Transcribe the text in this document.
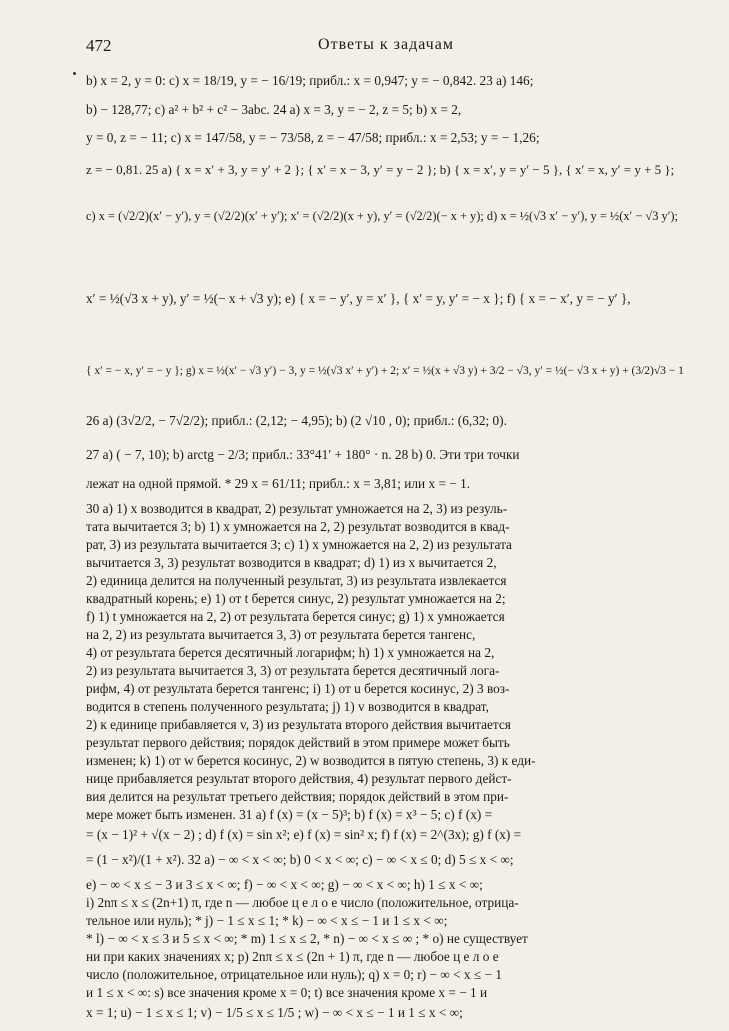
472	Ответы к задачам
b) x = 2, y = 0: c) x = 18/19, y = − 16/19; прибл.: x = 0,947; y = − 0,842. 23 a) 146;
b) − 128,77; c) a² + b² + c² − 3abc. 24 a) x = 3, y = − 2, z = 5; b) x = 2,
y = 0, z = − 11; c) x = 147/58, y = − 73/58, z = − 47/58; прибл.: x = 2,53; y = − 1,26;
z = − 0,81. 25 a) { x = x′ + 3, y = y′ + 2 }; { x′ = x − 3, y′ = y − 2 }; b) { x = x′, y = y′ − 5 }, { x′ = x, y′ = y + 5 };
c) x = (√2/2)(x′ − y′), y = (√2/2)(x′ + y′); x′ = (√2/2)(x + y), y′ = (√2/2)(− x + y); d) x = ½(√3 x′ − y′), y = ½(x′ − √3 y′);
x′ = ½(√3 x + y), y′ = ½(− x + √3 y); e) { x = − y′, y = x′ }, { x′ = y, y′ = − x }; f) { x = − x′, y = − y′ },
{ x′ = − x, y′ = − y }; g) x = ½(x′ − √3 y′) − 3, y = ½(√3 x′ + y′) + 2; x′ = ½(x + √3 y) + 3/2 − √3, y′ = ½(− √3 x + y) + (3/2)√3 − 1
26 a) (3√2/2, − 7√2/2); прибл.: (2,12; − 4,95); b) (2 √10 , 0); прибл.: (6,32; 0).
27 a) ( − 7, 10); b) arctg − 2/3; прибл.: 33°41′ + 180° · n. 28 b) 0. Эти три точки
лежат на одной прямой. * 29 x = 61/11; прибл.: x = 3,81; или x = − 1.
30 a) 1) x возводится в квадрат, 2) результат умножается на 2, 3) из резуль-
тата вычитается 3; b) 1) x умножается на 2, 2) результат возводится в квад-
рат, 3) из результата вычитается 3; c) 1) x умножается на 2, 2) из результата
вычитается 3, 3) результат возводится в квадрат; d) 1) из x вычитается 2,
2) единица делится на полученный результат, 3) из результата извлекается
квадратный корень; e) 1) от t берется синус, 2) результат умножается на 2;
f) 1) t умножается на 2, 2) от результата берется синус; g) 1) x умножается
на 2, 2) из результата вычитается 3, 3) от результата берется тангенс,
4) от результата берется десятичный логарифм; h) 1) x умножается на 2,
2) из результата вычитается 3, 3) от результата берется десятичный лога-
рифм, 4) от результата берется тангенс; i) 1) от u берется косинус, 2) 3 воз-
водится в степень полученного результата; j) 1) v возводится в квадрат,
2) к единице прибавляется v, 3) из результата второго действия вычитается
результат первого действия; порядок действий в этом примере может быть
изменен; k) 1) от w берется косинус, 2) w возводится в пятую степень, 3) к еди-
нице прибавляется результат второго действия, 4) результат первого дейст-
вия делится на результат третьего действия; порядок действий в этом при-
мере может быть изменен. 31 a) f (x) = (x − 5)³; b) f (x) = x³ − 5; c) f (x) =
= (x − 1)² + √(x − 2) ; d) f (x) = sin x²; e) f (x) = sin² x; f) f (x) = 2^(3x); g) f (x) =
= (1 − x²)/(1 + x²). 32 a) − ∞ < x < ∞; b) 0 < x < ∞; c) − ∞ < x ≤ 0; d) 5 ≤ x < ∞;
e) − ∞ < x ≤ − 3 и 3 ≤ x < ∞; f) − ∞ < x < ∞; g) − ∞ < x < ∞; h) 1 ≤ x < ∞;
i) 2nπ ≤ x ≤ (2n+1) π, где n — любое ц е л о е число (положительное, отрица-
тельное или нуль); * j) − 1 ≤ x ≤ 1; * k) − ∞ < x ≤ − 1 и 1 ≤ x < ∞;
* l) − ∞ < x ≤ 3 и 5 ≤ x < ∞; * m) 1 ≤ x ≤ 2, * n) − ∞ < x ≤ ∞ ; * o) не существует
ни при каких значениях x; p) 2nπ ≤ x ≤ (2n + 1) π, где n — любое ц е л о е
число (положительное, отрицательное или нуль); q) x = 0; r) − ∞ < x ≤ − 1
и 1 ≤ x < ∞: s) все значения кроме x = 0; t) все значения кроме x = − 1 и
x = 1; u) − 1 ≤ x ≤ 1; v) − 1/5 ≤ x ≤ 1/5 ; w) − ∞ < x ≤ − 1 и 1 ≤ x < ∞;
